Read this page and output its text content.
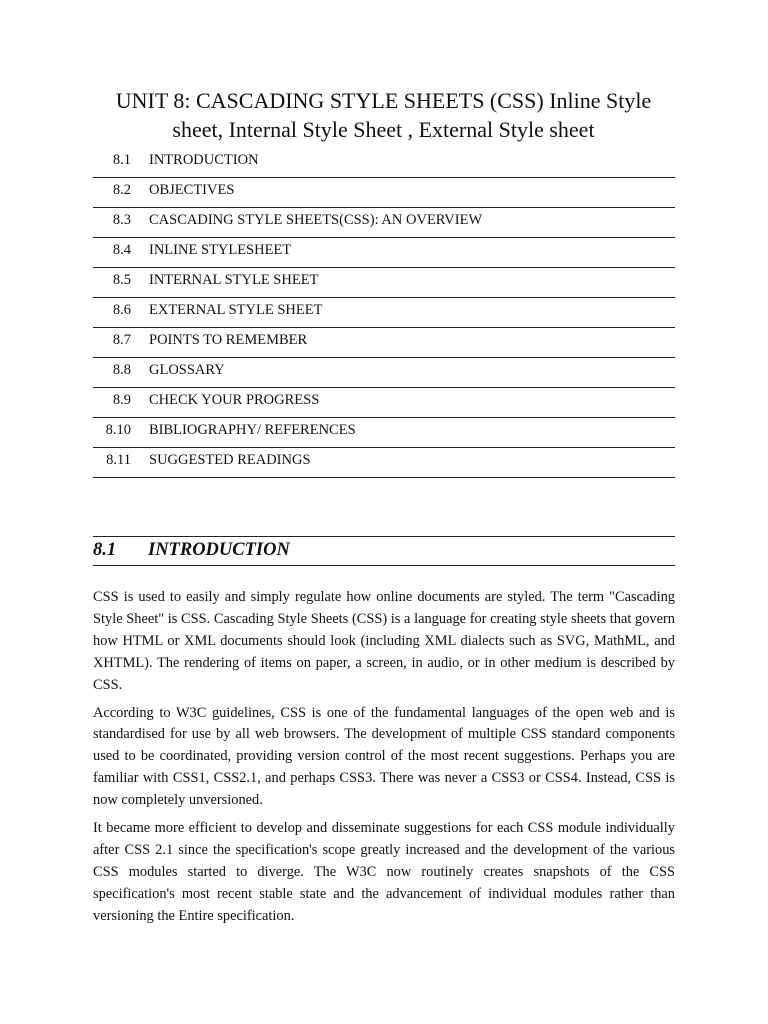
UNIT 8: CASCADING STYLE SHEETS (CSS) Inline Style sheet, Internal Style Sheet , External Style sheet
8.1 INTRODUCTION
8.2 OBJECTIVES
8.3 CASCADING STYLE SHEETS(CSS): AN OVERVIEW
8.4 INLINE STYLESHEET
8.5 INTERNAL STYLE SHEET
8.6 EXTERNAL STYLE SHEET
8.7 POINTS TO REMEMBER
8.8 GLOSSARY
8.9 CHECK YOUR PROGRESS
8.10 BIBLIOGRAPHY/ REFERENCES
8.11 SUGGESTED READINGS
8.1 INTRODUCTION

CSS is used to easily and simply regulate how online documents are styled. The term "Cascading Style Sheet" is CSS. Cascading Style Sheets (CSS) is a language for creating style sheets that govern how HTML or XML documents should look (including XML dialects such as SVG, MathML, and XHTML). The rendering of items on paper, a screen, in audio, or in other medium is described by CSS.

According to W3C guidelines, CSS is one of the fundamental languages of the open web and is standardised for use by all web browsers. The development of multiple CSS standard components used to be coordinated, providing version control of the most recent suggestions. Perhaps you are familiar with CSS1, CSS2.1, and perhaps CSS3. There was never a CSS3 or CSS4. Instead, CSS is now completely unversioned.

It became more efficient to develop and disseminate suggestions for each CSS module individually after CSS 2.1 since the specification's scope greatly increased and the development of the various CSS modules started to diverge. The W3C now routinely creates snapshots of the CSS specification's most recent stable state and the advancement of individual modules rather than versioning the Entire specification.
